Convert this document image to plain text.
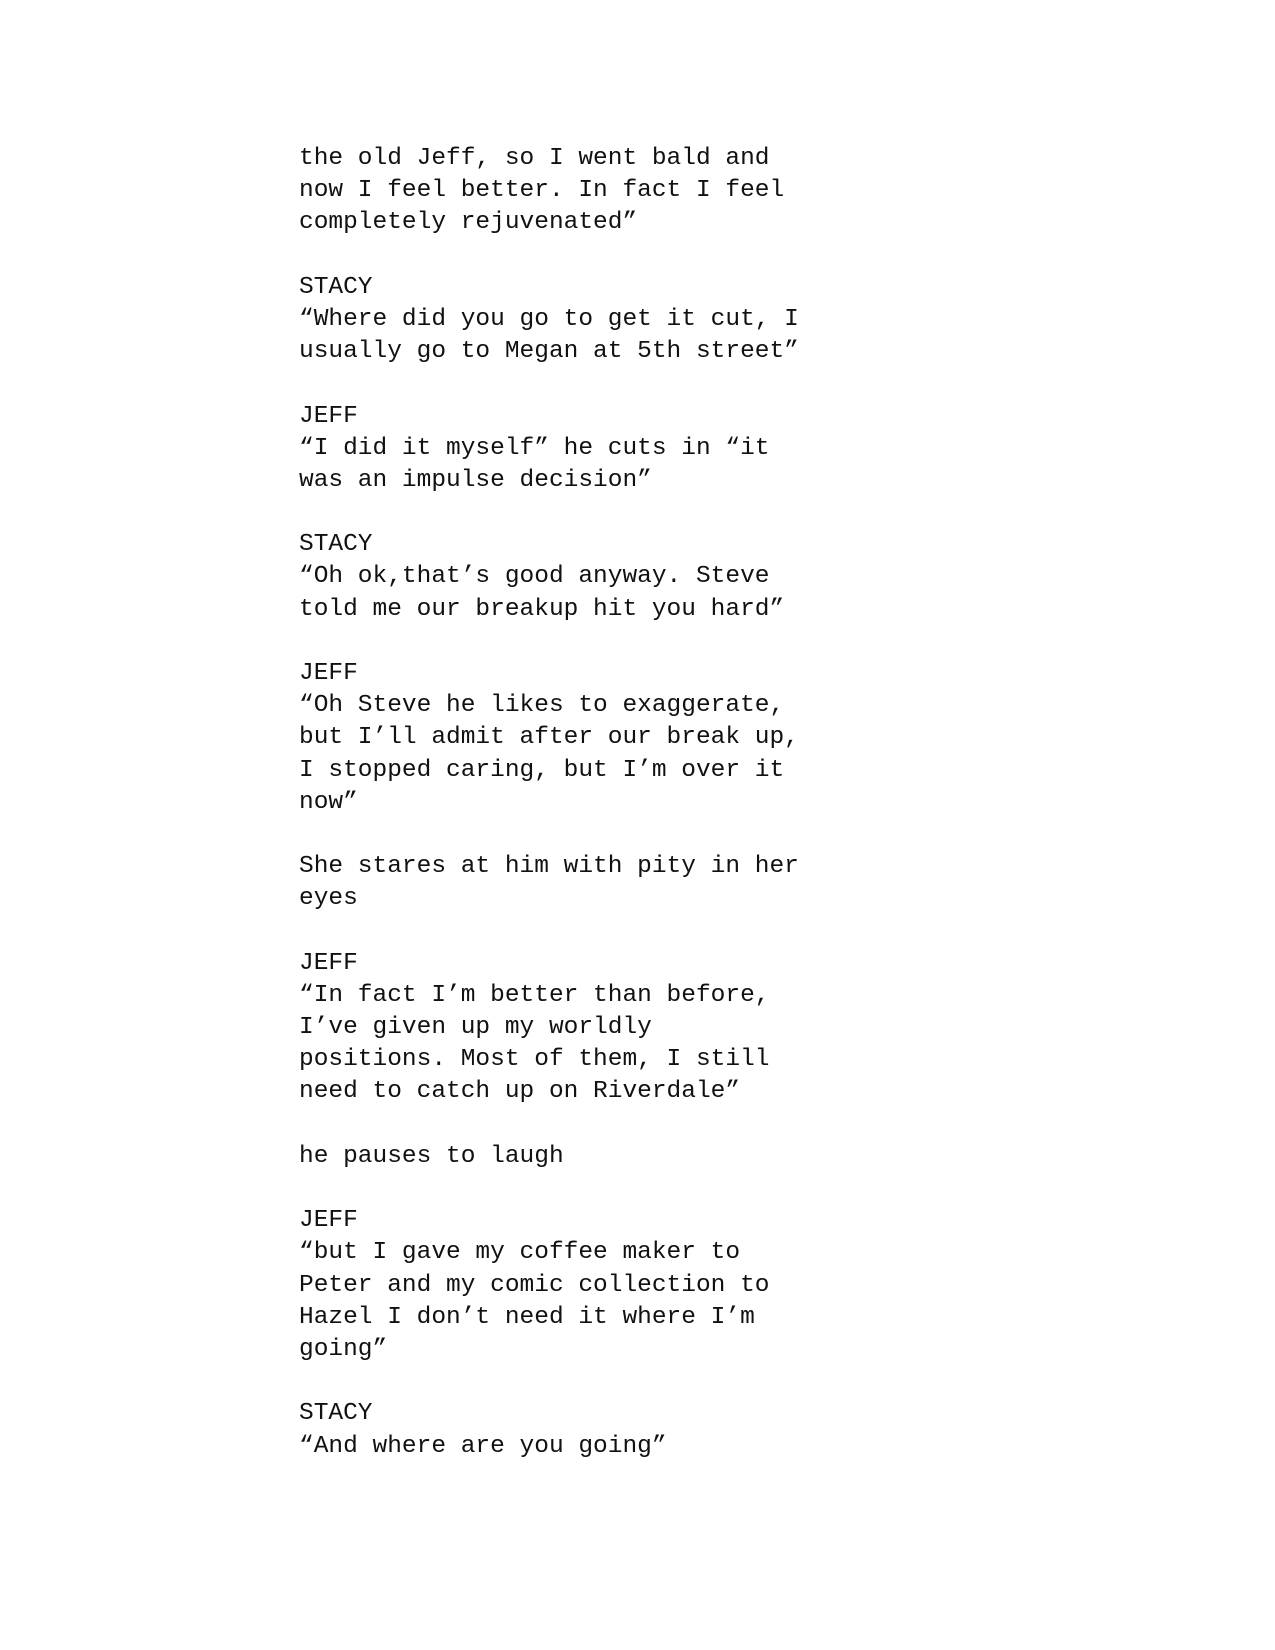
the old Jeff, so I went bald and
now I feel better. In fact I feel
completely rejuvenated”
STACY
“Where did you go to get it cut, I
usually go to Megan at 5th street”
JEFF
“I did it myself” he cuts in “it
was an impulse decision”
STACY
“Oh ok,that’s good anyway. Steve
told me our breakup hit you hard”
JEFF
“Oh Steve he likes to exaggerate,
but I’ll admit after our break up,
I stopped caring, but I’m over it
now”
She stares at him with pity in her
eyes
JEFF
“In fact I’m better than before,
I’ve given up my worldly
positions. Most of them, I still
need to catch up on Riverdale”
he pauses to laugh
JEFF
“but I gave my coffee maker to
Peter and my comic collection to
Hazel I don’t need it where I’m
going”
STACY
“And where are you going”
